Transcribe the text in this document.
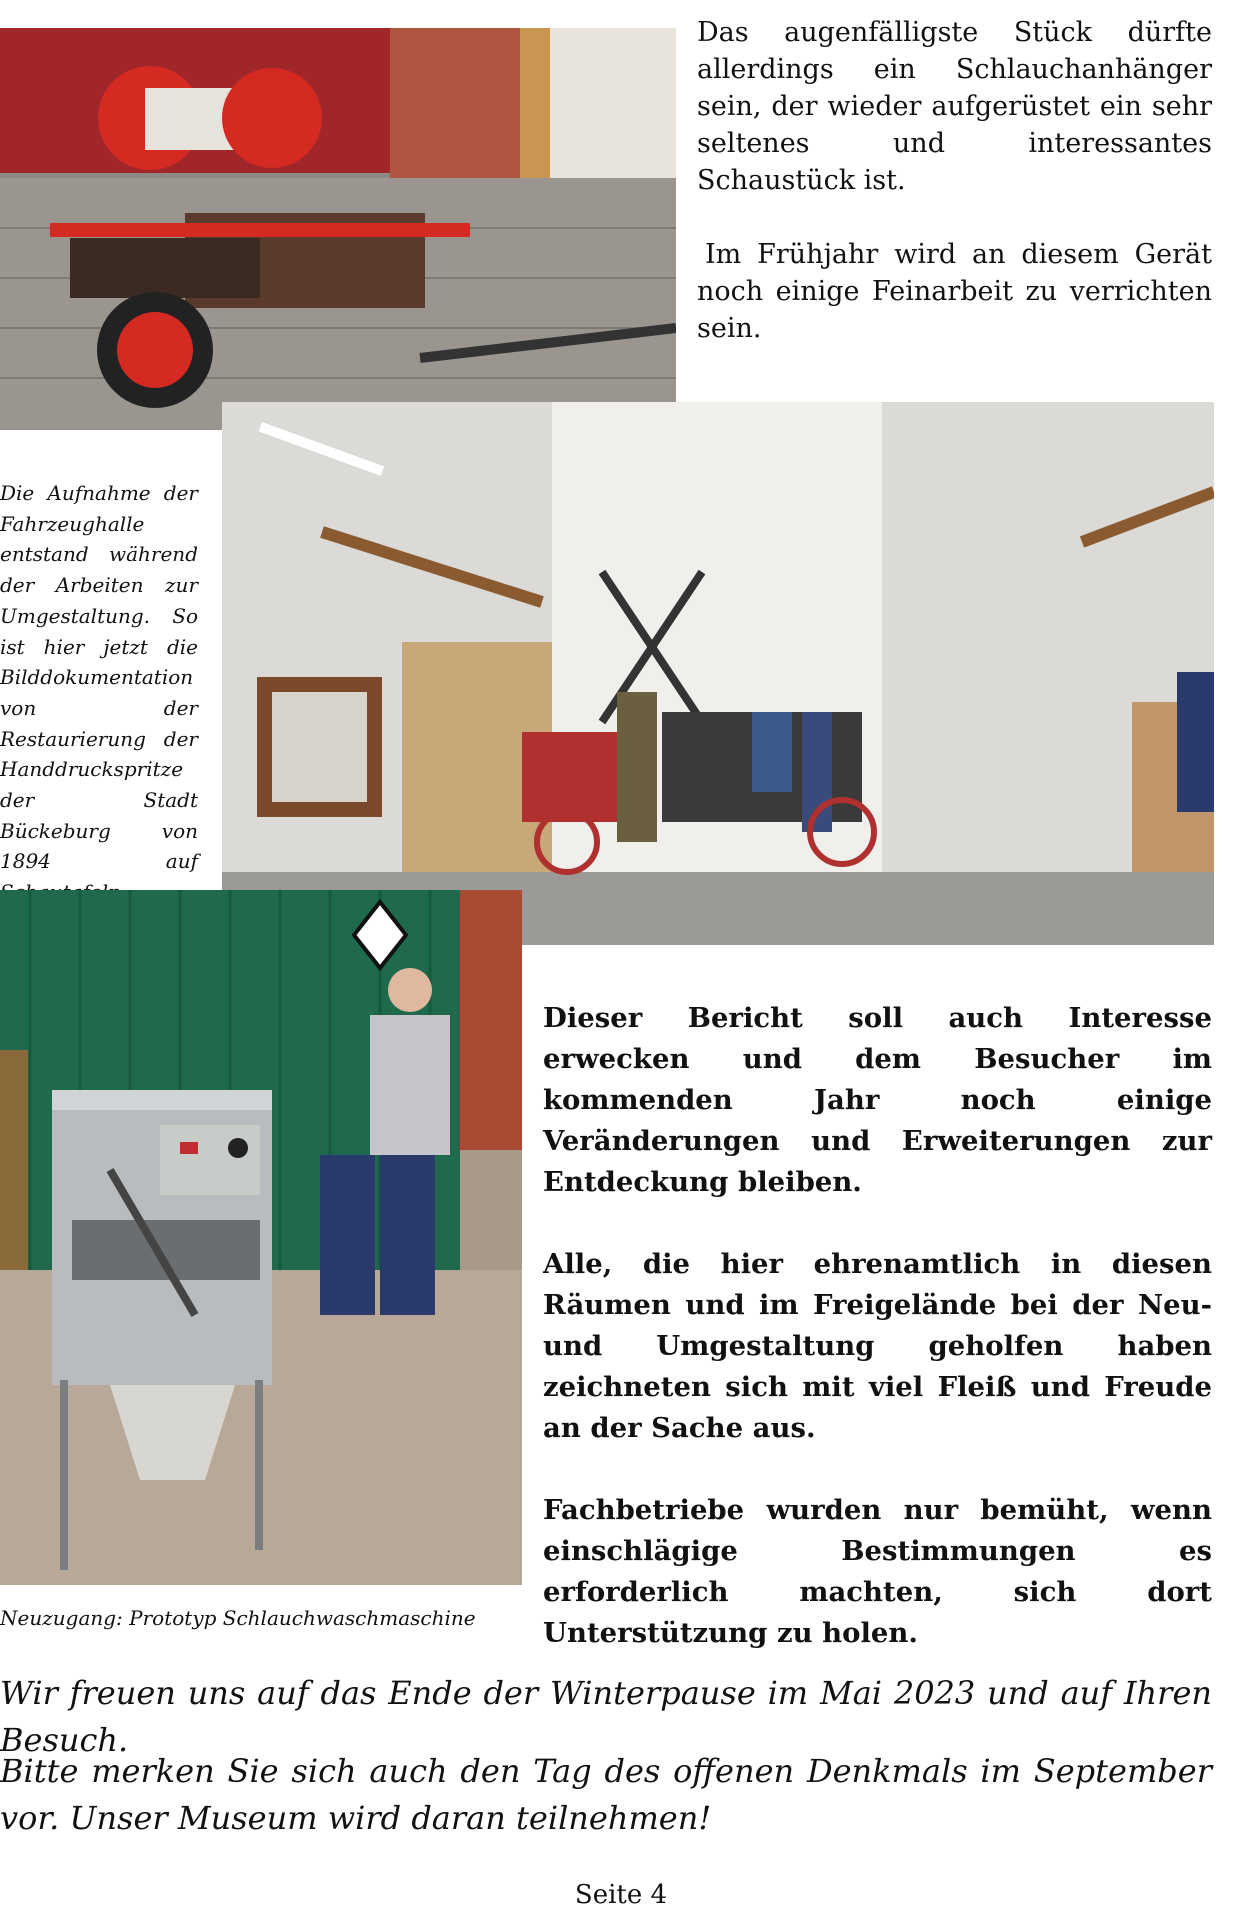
Das augenfälligste Stück dürfte allerdings ein Schlauchanhänger sein, der wieder aufgerüstet ein sehr seltenes und interessantes Schaustück ist.

Im Frühjahr wird an diesem Gerät noch einige Feinarbeit zu verrichten sein.

Die Aufnahme der Fahrzeughalle entstand während der Arbeiten zur Umgestaltung. So ist hier jetzt die Bilddokumentation von der Restaurierung der Handdruckspritze der Stadt Bückeburg von 1894 auf

Dieser Bericht soll auch Interesse erwecken und dem Besucher im kommenden Jahr noch einige Veränderungen und Erweiterungen zur Entdeckung bleiben.

Alle, die hier ehrenamtlich in diesen Räumen und im Freigelände bei der Neu- und Umgestaltung geholfen haben zeichneten sich mit viel Fleiß und Freude an der Sache aus.

Fachbetriebe wurden nur bemüht, wenn einschlägige Bestimmungen es erforderlich machten, sich dort Unterstützung zu holen.

Neuzugang: Prototyp Schlauchwaschmaschine
Wir freuen uns auf das Ende der Winterpause im Mai 2023 und auf Ihren Besuch.
Bitte merken Sie sich auch den Tag des offenen Denkmals im September vor. Unser Museum wird daran teilnehmen!
Seite 4
